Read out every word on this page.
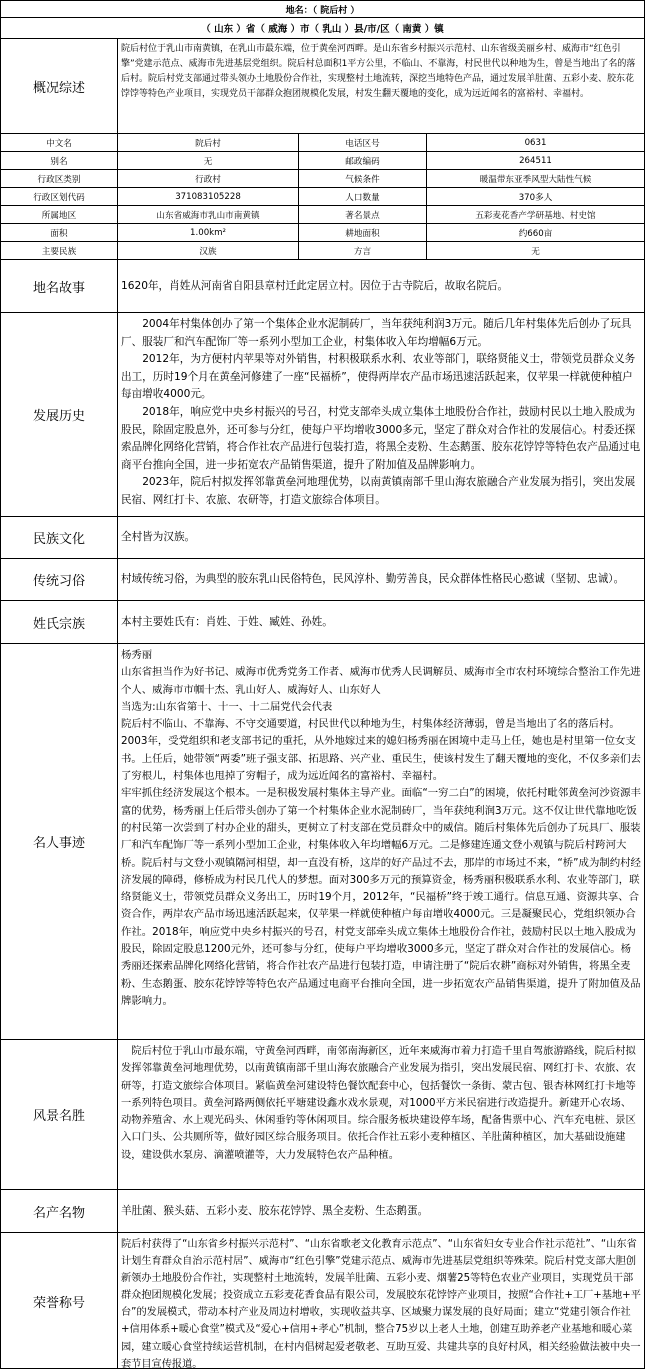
地名：（ 院后村 ）
（ 山东 ）省（ 威海 ）市（ 乳山 ）县/市/区（ 南黄 ）镇
概况综述
院后村位于乳山市南黄镇，在乳山市最东端，位于黄垒河西畔。是山东省乡村振兴示范村、山东省级美丽乡村、威海市“红色引擎”党建示范点、威海市先进基层党组织。院后村总面积1平方公里，不临山、不靠海，村民世代以种地为生，曾是当地出了名的落后村。院后村党支部通过带头领办土地股份合作社，实现整村土地流转，深挖当地特色产品，通过发展羊肚菌、五彩小麦、胶东花饽饽等特色产业项目，实现党员干部群众抱团规模化发展，村发生翻天覆地的变化，成为远近闻名的富裕村、幸福村。
中文名	院后村	电话区号	0631
别名	无	邮政编码	264511
行政区类别	行政村	气候条件	暖温带东亚季风型大陆性气候
行政区划代码	371083105228	人口数量	370多人
所属地区	山东省威海市乳山市南黄镇	著名景点	五彩麦花香产学研基地、村史馆
面积	1.00km²	耕地面积	约660亩
主要民族	汉族	方言	无
地名故事	1620年，肖姓从河南省自阳县章村迁此定居立村。因位于古寺院后，故取名院后。
发展历史

2004年村集体创办了第一个集体企业水泥制砖厂，当年获纯利润3万元。随后几年村集体先后创办了玩具厂、服装厂和汽车配饰厂等一系列小型加工企业，村集体收入年均增幅6万元。

2012年，为方便村内苹果等对外销售，村积极联系水利、农业等部门，联络贤能义士，带领党员群众义务出工，历时19个月在黄垒河修建了一座“民福桥”，使得两岸农产品市场迅速活跃起来，仅苹果一样就使种植户每亩增收4000元。

2018年，响应党中央乡村振兴的号召，村党支部牵头成立集体土地股份合作社，鼓励村民以土地入股成为股民，除固定股息外，还可参与分红，使每户平均增收3000多元，坚定了群众对合作社的发展信心。村委还探索品牌化网络化营销，将合作社农产品进行包装打造，将黑全麦粉、生态鹅蛋、胶东花饽饽等特色农产品通过电商平台推向全国，进一步拓宽农产品销售渠道，提升了附加值及品牌影响力。

2023年，院后村拟发挥邻靠黄垒河地理优势，以南黄镇南部千里山海农旅融合产业发展为指引，突出发展民宿、网红打卡、农旅、农研等，打造文旅综合体项目。

民族文化	全村皆为汉族。
传统习俗	村域传统习俗，为典型的胶东乳山民俗特色，民风淳朴、勤劳善良，民众群体性格民心憨诚（坚韧、忠诚）。
姓氏宗族	本村主要姓氏有：肖姓、于姓、臧姓、孙姓。
名人事迹

杨秀丽

山东省担当作为好书记、威海市优秀党务工作者、威海市优秀人民调解员、威海市全市农村环境综合整治工作先进个人、威海市市帼十杰、乳山好人、威海好人、山东好人

当选为:山东省第十、十一、十二届党代会代表

院后村不临山、不靠海、不守交通要道，村民世代以种地为生，村集体经济薄弱，曾是当地出了名的落后村。2003年，受党组织和老支部书记的重托，从外地嫁过来的媳妇杨秀丽在困境中走马上任，她也是村里第一位女支书。上任后，她带领“两委”班子强支部、拓思路、兴产业、重民生，使该村发生了翻天覆地的变化，不仅多亲们去了穷根儿，村集体也甩掉了穷帽子，成为远近闻名的富裕村、幸福村。

牢牢抓住经济发展这个根本。一是积极发展村集体主导产业。面临“一穷二白”的困境，依托村毗邻黄垒河沙资源丰富的优势，杨秀丽上任后带头创办了第一个村集体企业水泥制砖厂，当年获纯利润3万元。这不仅让世代靠地吃饭的村民第一次尝到了村办企业的甜头，更树立了村支部在党员群众中的威信。随后村集体先后创办了玩具厂、服装厂和汽车配饰厂等一系列小型加工企业，村集体收入年均增幅6万元。二是修建连通文登小观镇与院后村跨河大桥。院后村与文登小观镇隔河相望，却一直没有桥，这岸的好产品过不去，那岸的市场过不来，“桥”成为制约村经济发展的障碍，修桥成为村民几代人的梦想。面对300多万元的预算资金，杨秀丽积极联系水利、农业等部门，联络贤能义士，带领党员群众义务出工，历时19个月，2012年，“民福桥”终于竣工通行。信息互通、资源共享、合资合作，两岸农产品市场迅速活跃起来，仅苹果一样就使种植户每亩增收4000元。三是凝聚民心，党组织领办合作社。2018年，响应党中央乡村振兴的号召，村党支部牵头成立集体土地股份合作社，鼓励村民以土地入股成为股民，除固定股息1200元外，还可参与分红，使每户平均增收3000多元，坚定了群众对合作社的发展信心。杨秀丽还探索品牌化网络化营销，将合作社农产品进行包装打造，申请注册了“院后农耕”商标对外销售，将黑全麦粉、生态鹅蛋、胶东花饽饽等特色农产品通过电商平台推向全国，进一步拓宽农产品销售渠道，提升了附加值及品牌影响力。

风景名胜
院后村位于乳山市最东端，守黄垒河西畔，南邻南海新区，近年来威海市着力打造千里自驾旅游路线，院后村拟发挥邻靠黄垒河地理优势，以南黄镇南部千里山海农旅融合产业发展为指引，突出发展民宿、网红打卡、农旅、农研等，打造文旅综合体项目。紧临黄垒河建设特色餐饮配套中心，包括餐饮一条街、蒙古包、银杏林网红打卡地等一系列特色项目。黄垒河路两侧依托平塘建设鑫水戏水景观，对1000平方米民宿进行改造提升。新建开心农场、动物养殖舍、水上观光码头、休闲垂钓等休闲项目。综合服务板块建设停车场，配备售票中心、汽车充电桩、景区入口门头、公共厕所等，做好园区综合服务项目。依托合作社五彩小麦种植区、羊肚菌种植区，加大基础设施建设，建设供水泵房、滴灌喷灌等，大力发展特色农产品种植。
名产名物	羊肚菌、猴头菇、五彩小麦、胶东花饽饽、黑全麦粉、生态鹅蛋。
荣誉称号
院后村获得了“山东省乡村振兴示范村”、“山东省歌老文化教育示范点”、“山东省妇女专业合作社示范社”、“山东省计划生育群众自治示范村居”、威海市“红色引擎”党建示范点、威海市先进基层党组织等殊荣。院后村党支部大胆创新领办土地股份合作社，实现整村土地流转，发展羊肚菌、五彩小麦、烟薯25等特色农业产业项目，实现党员干部群众抱团规模化发展；投资成立五彩麦花香食品有限公司，发展胶东花饽饽产业项目，按照“合作社+工厂+基地+平台”的发展模式，带动本村产业及周边村增收，实现收益共享、区域聚力谋发展的良好局面；建立“党建引领合作社+信用体系+暖心食堂”模式及“爱心+信用+孝心”机制，整合75岁以上老人土地，创建互助养老产业基地和暖心菜园，建立暖心食堂持续运营机制，在村内倡树起爱老敬老、互助互爱、共建共享的良好村风，相关经验做法被中央一套节目宣传报道。
